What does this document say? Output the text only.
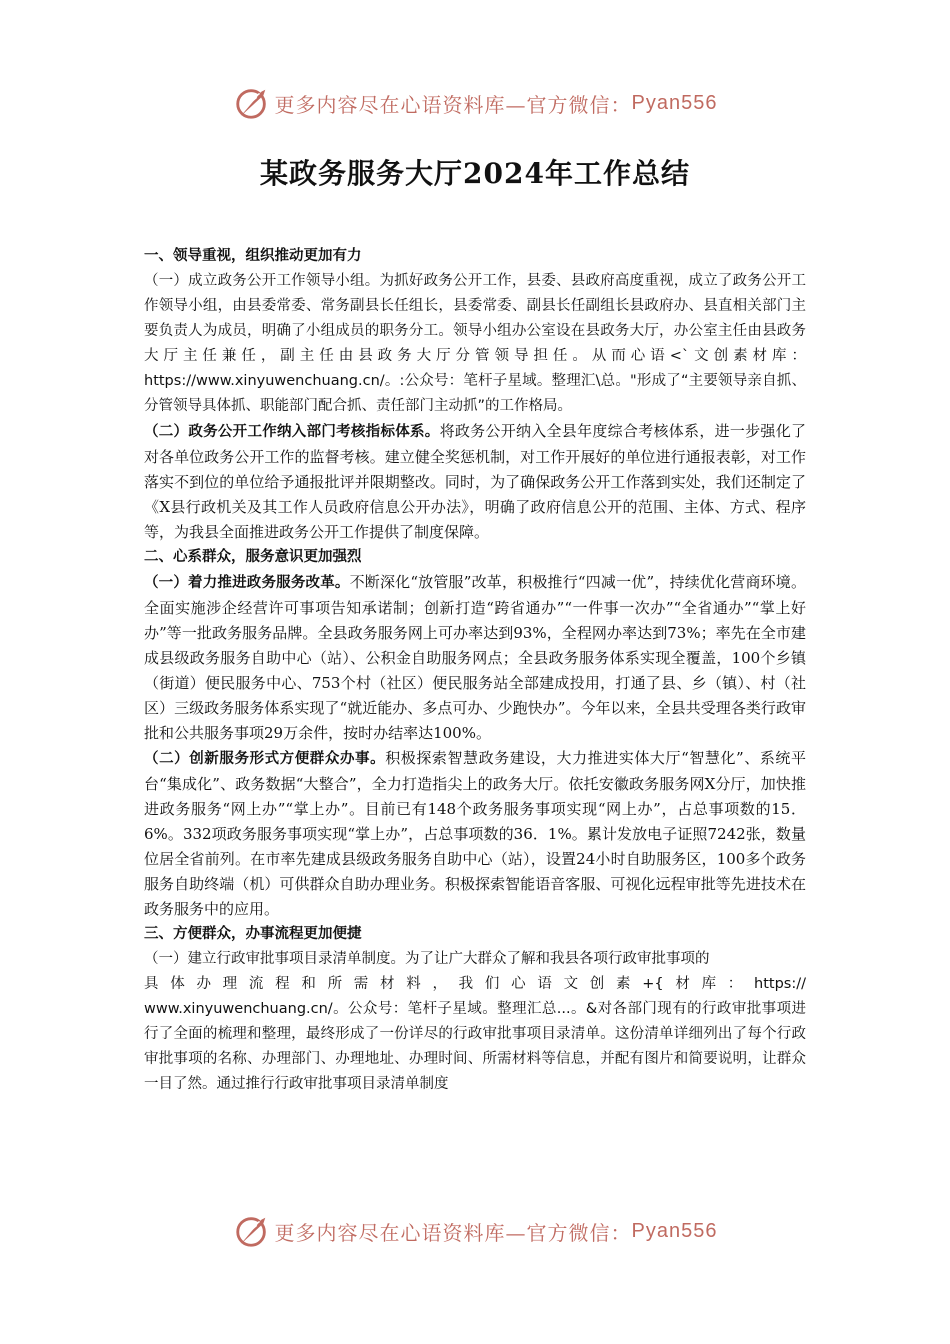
更多内容尽在心语资料库—官方微信： Pyan556
某政务服务大厅2024年工作总结

一、领导重视，组织推动更加有力

（一）成立政务公开工作领导小组。为抓好政务公开工作，县委、县政府高度重视，成立了政务公开工作领导小组，由县委常委、常务副县长任组长，县委常委、副县长任副组长县政府办、县直相关部门主要负责人为成员，明确了小组成员的职务分工。领导小组办公室设在县政务大厅，办公室主任由县政务大厅主任兼任，副主任由县政务大厅分管领导担任。从而心语<`文创素材库：https://www.xinyuwenchuang.cn/。:公众号：笔杆子星域。整理汇\总。"形成了“主要领导亲自抓、分管领导具体抓、职能部门配合抓、责任部门主动抓”的工作格局。

（二）政务公开工作纳入部门考核指标体系。将政务公开纳入全县年度综合考核体系，进一步强化了对各单位政务公开工作的监督考核。建立健全奖惩机制，对工作开展好的单位进行通报表彰，对工作落实不到位的单位给予通报批评并限期整改。同时，为了确保政务公开工作落到实处，我们还制定了《X县行政机关及其工作人员政府信息公开办法》，明确了政府信息公开的范围、主体、方式、程序等，为我县全面推进政务公开工作提供了制度保障。

二、心系群众，服务意识更加强烈

（一）着力推进政务服务改革。不断深化“放管服”改革，积极推行“四减一优”，持续优化营商环境。全面实施涉企经营许可事项告知承诺制；创新打造“跨省通办”“一件事一次办”“全省通办”“掌上好办”等一批政务服务品牌。全县政务服务网上可办率达到93%，全程网办率达到73%；率先在全市建成县级政务服务自助中心（站）、公积金自助服务网点；全县政务服务体系实现全覆盖，100个乡镇（街道）便民服务中心、753个村（社区）便民服务站全部建成投用，打通了县、乡（镇）、村（社区）三级政务服务体系实现了“就近能办、多点可办、少跑快办”。今年以来，全县共受理各类行政审批和公共服务事项29万余件，按时办结率达100%。

（二）创新服务形式方便群众办事。积极探索智慧政务建设，大力推进实体大厅“智慧化”、系统平台“集成化”、政务数据“大整合”，全力打造指尖上的政务大厅。依托安徽政务服务网X分厅，加快推进政务服务“网上办”“掌上办”。目前已有148个政务服务事项实现“网上办”，占总事项数的15．6%。332项政务服务事项实现“掌上办”，占总事项数的36．1%。累计发放电子证照7242张，数量位居全省前列。在市率先建成县级政务服务自助中心（站），设置24小时自助服务区，100多个政务服务自助终端（机）可供群众自助办理业务。积极探索智能语音客服、可视化远程审批等先进技术在政务服务中的应用。

三、方便群众，办事流程更加便捷

（一）建立行政审批事项目录清单制度。为了让广大群众了解和我县各项行政审批事项的

具体办理流程和所需材料，我们心语文创素+{材库：https://

www.xinyuwenchuang.cn/。公众号：笔杆子星域。整理汇总...。&对各部门现有的行政审批事项进行了全面的梳理和整理，最终形成了一份详尽的行政审批事项目录清单。这份清单详细列出了每个行政审批事项的名称、办理部门、办理地址、办理时间、所需材料等信息，并配有图片和简要说明，让群众一目了然。通过推行行政审批事项目录清单制度

更多内容尽在心语资料库—官方微信： Pyan556
